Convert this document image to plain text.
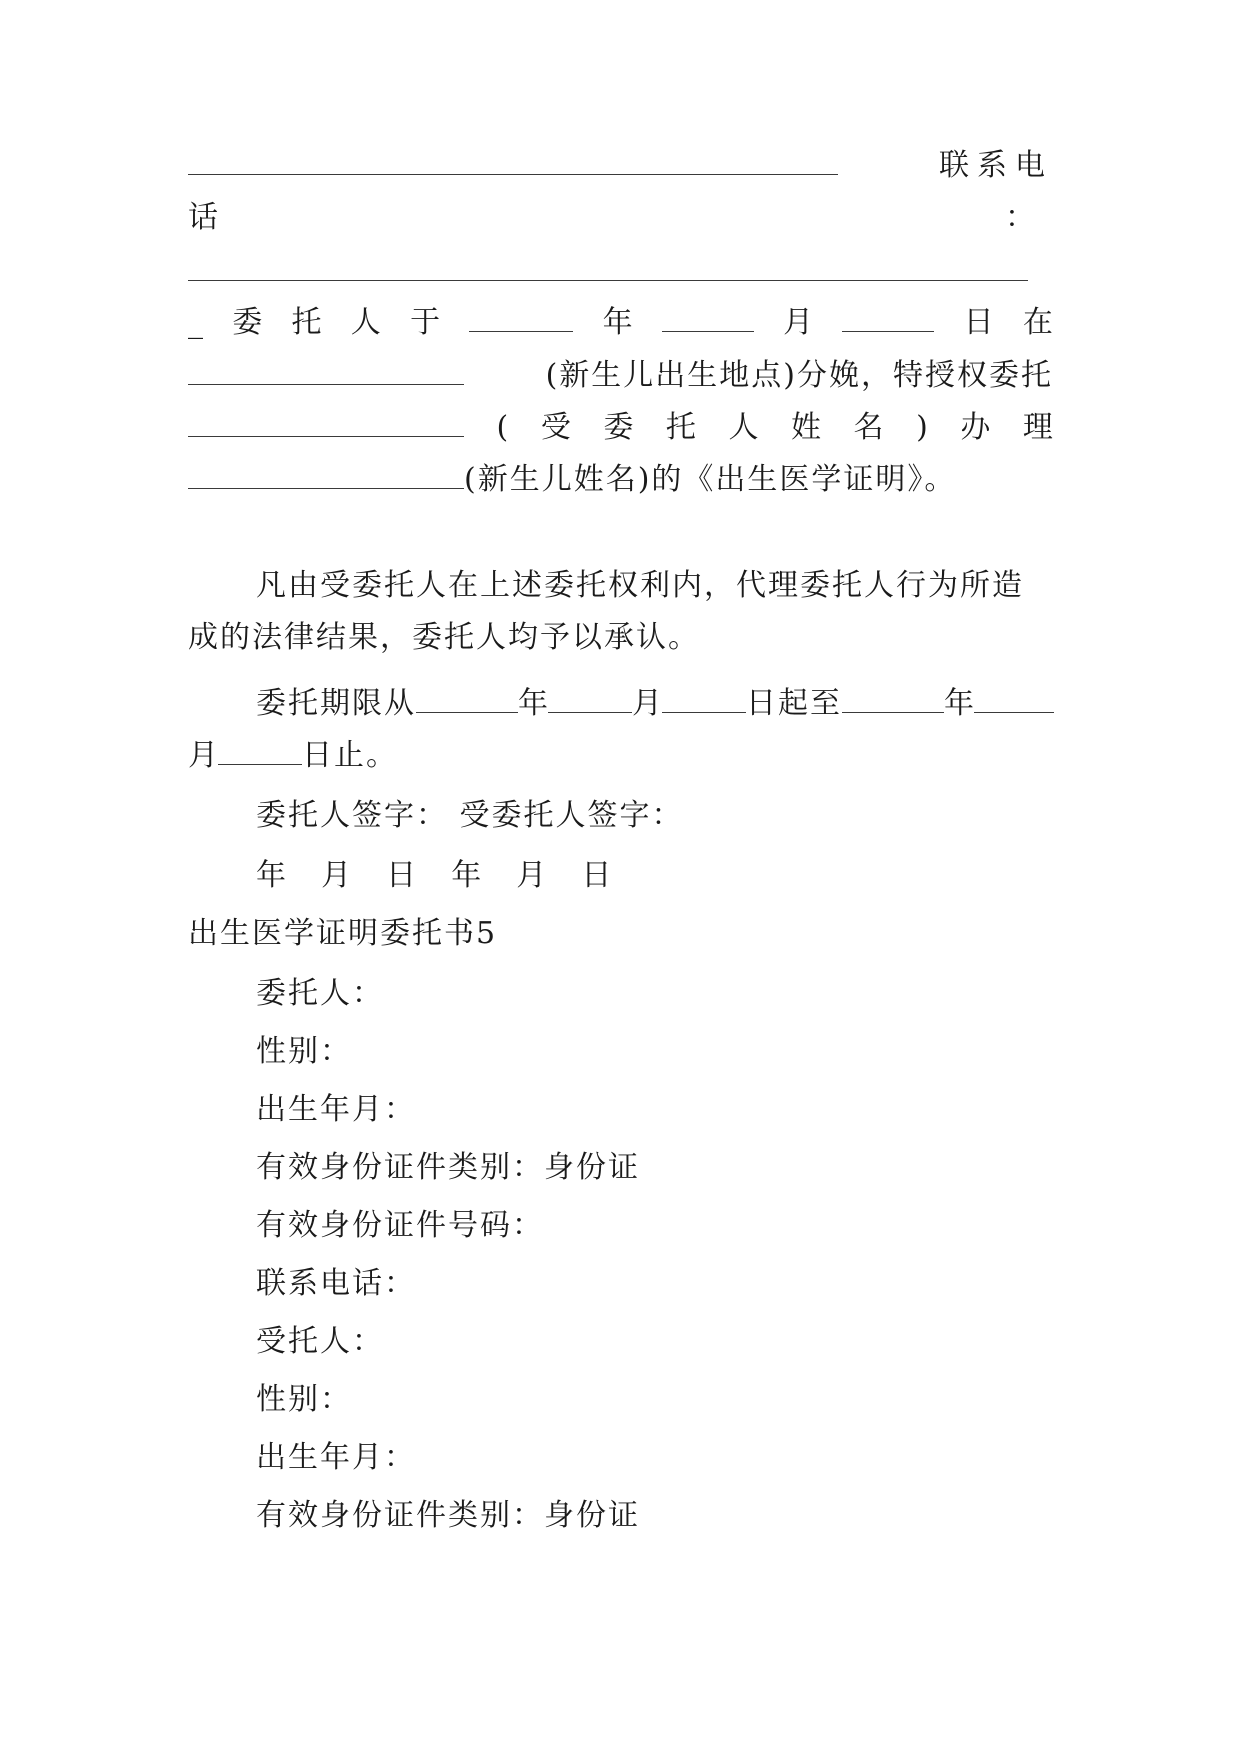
联系电
话	：
_ 委 托 人 于	年	月	日 在
(新生儿出生地点)分娩，特授权委托
( 受 委 托 人 姓 名 ) 办 理
(新生儿姓名)的《出生医学证明》。
凡由受委托人在上述委托权利内，代理委托人行为所造
成的法律结果，委托人均予以承认。
委托期限从	年	月	日起至	年
月	日止。
委托人签字： 受委托人签字：
年  月  日  年  月  日
出生医学证明委托书5
委托人：
性别：
出生年月：
有效身份证件类别：身份证
有效身份证件号码：
联系电话：
受托人：
性别：
出生年月：
有效身份证件类别：身份证
